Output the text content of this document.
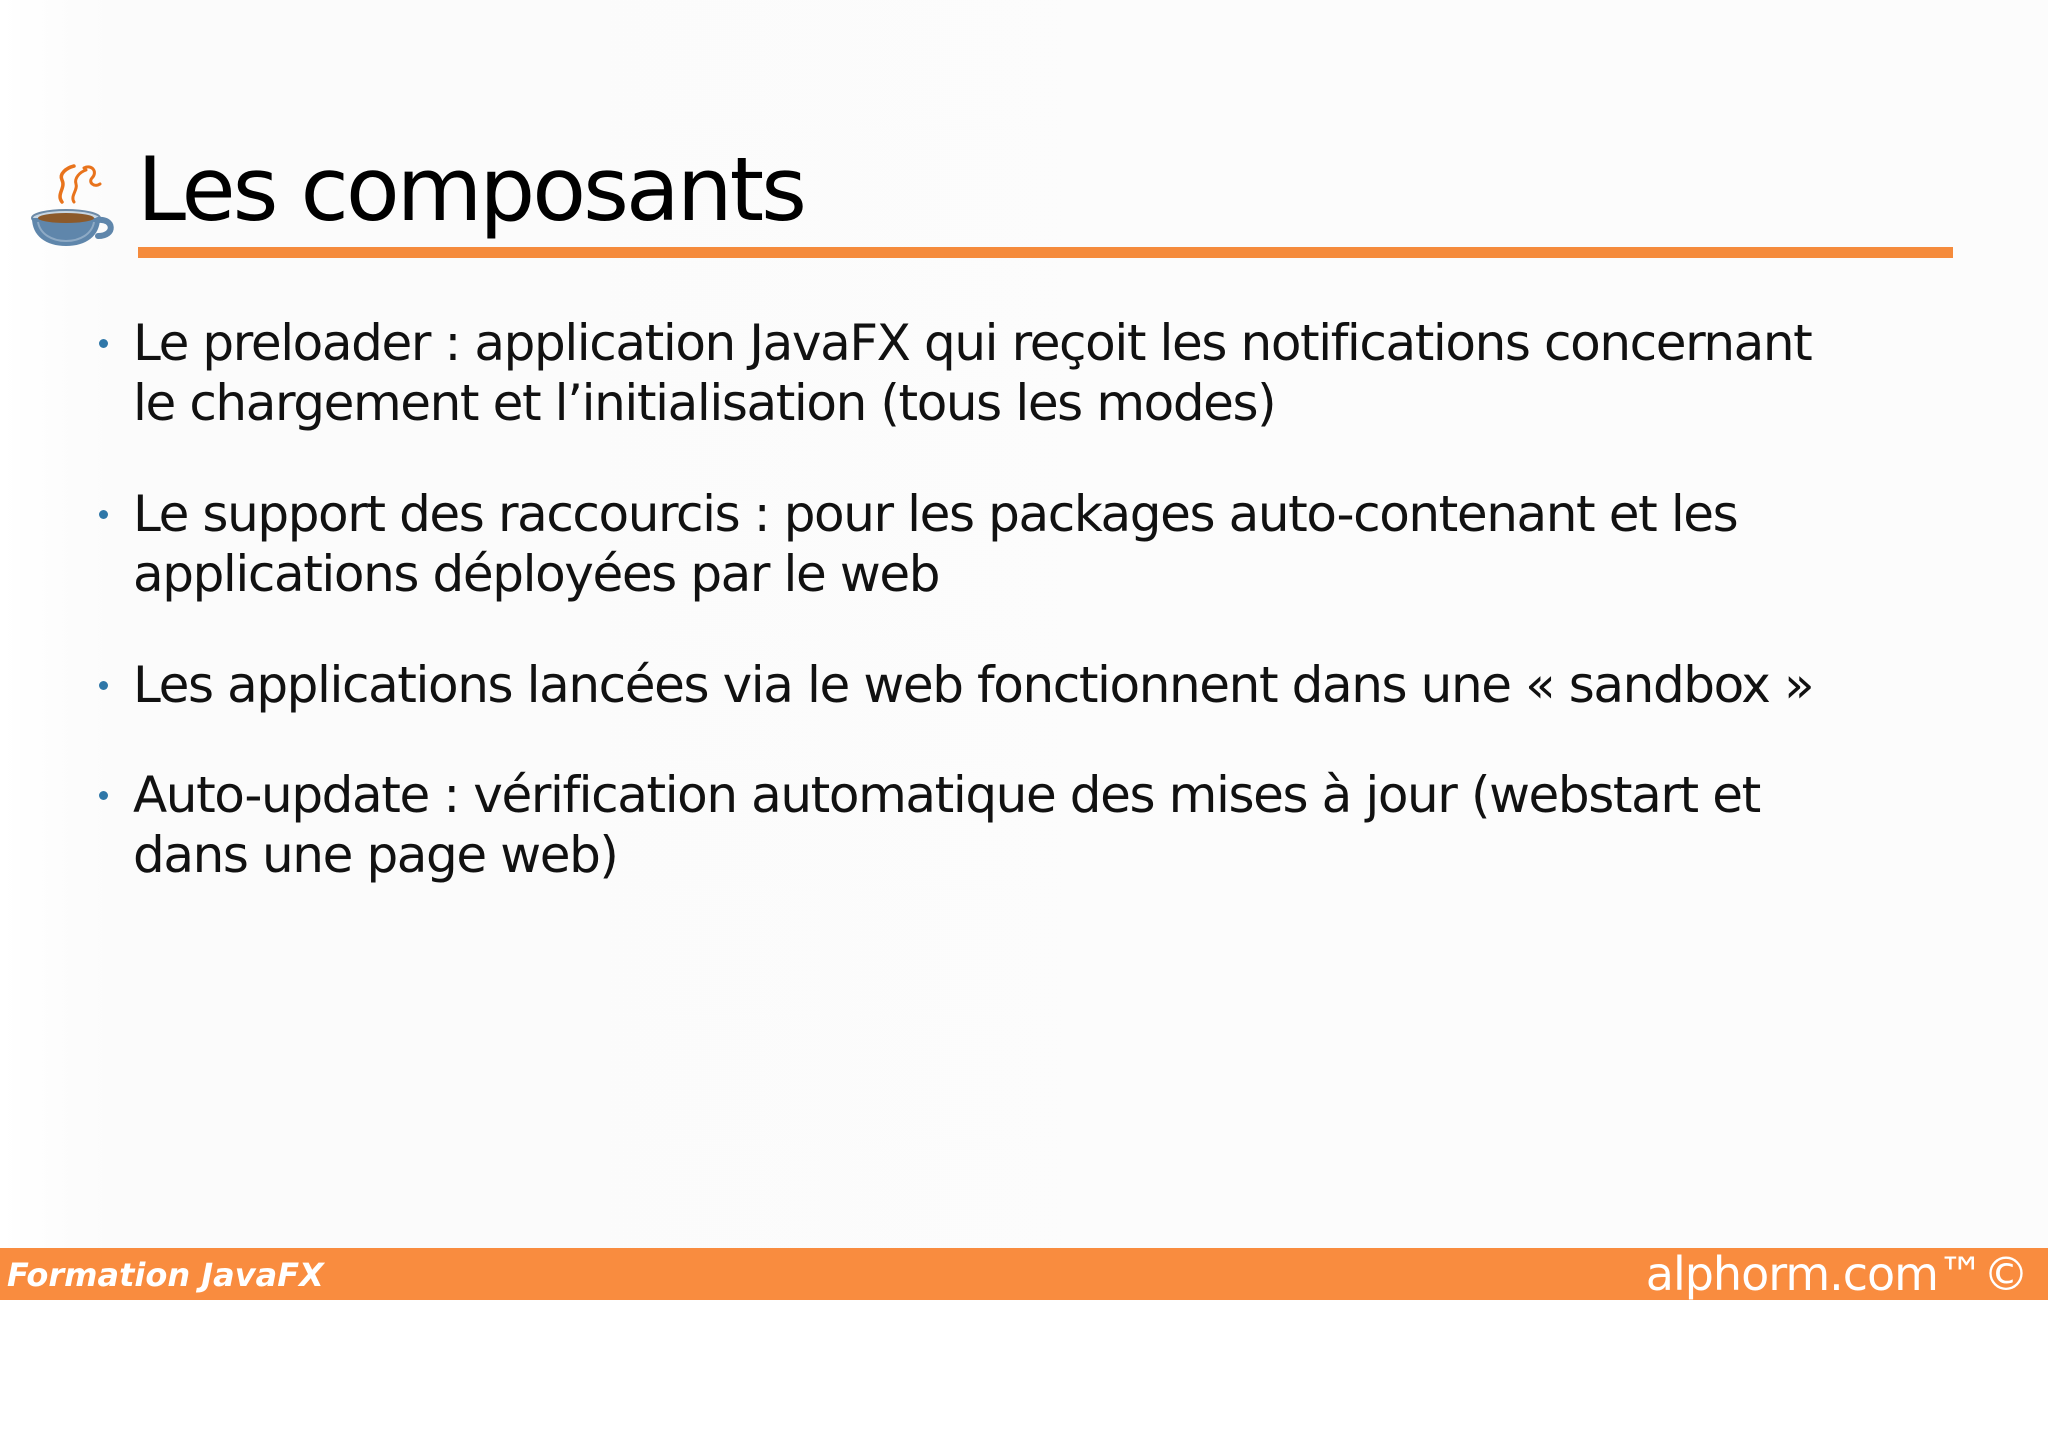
Les composants
Le preloader : application JavaFX qui reçoit les notifications concernant
le chargement et l’initialisation (tous les modes)
Le support des raccourcis : pour les packages auto-contenant et les
applications déployées par le web
Les applications lancées via le web fonctionnent dans une « sandbox »
Auto-update : vérification automatique des mises à jour (webstart et
dans une page web)
Formation JavaFX	alphorm.com™©
